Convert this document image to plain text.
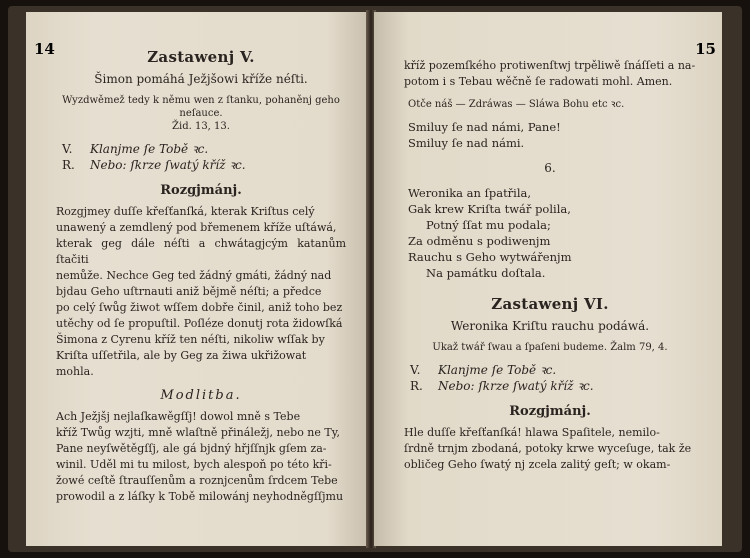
Zastawenj V.
Šimon pomáhá Ježjšowi kříže néſti.
Wyzdwěmež tedy k němu wen z ſtanku, pohaněnj geho neſauce.
Žid. 13, 13.
V.	Klanjme ſe Tobě ꝛc.
R.	Nebo: ſkrze ſwatý kříž ꝛc.
Rozgjmánj.
Rozgjmey duſſe křeſťanſká, kterak Kriſtus celý
unawený a zemdlený pod břemenem kříže uſtáwá,
kterak geg dále néſti a chwátagjcým katanům ſtačiti
nemůže. Nechce Geg ted žádný gmáti, žádný nad
bjdau Geho uſtrnauti aniž bějmě néſti; a předce
po celý ſwůg žiwot wſſem dobře činil, aniž toho bez
utěchy od ſe propuſtil. Poſléze donutj rota židowſká
Šimona z Cyrenu kříž ten néſti, nikoliw wſſak by
Kriſta uſſetřila, ale by Geg za žiwa ukřižowat
mohla.
Modlitba.
Ach Ježjšj nejlaſkawěgſſj! dowol mně s Tebe
kříž Twůg wzjti, mně wlaſtně přináležj, nebo ne Ty,
Pane neyſwětěgſſj, ale gá bjdný hřjſſnjk gſem za-
winil. Uděl mi tu milost, bych alespoň po této kři-
žowé ceſtě ſtrauſſenům a roznjcenům ſrdcem Tebe
prowodil a z láſky k Tobě milowánj neyhodněgſſjmu
14
kříž pozemſkého protiwenſtwj trpěliwě ſnáſſeti a na-
potom i s Tebau wěčně ſe radowati mohl. Amen.
Otče náš — Zdráwas — Sláwa Bohu etc ꝛc.
Smiluy ſe nad námi, Pane!
Smiluy ſe nad námi.
6.
Weronika an ſpatřila,
Gak krew Kriſta twář polila,
Potný ſſat mu podala;
Za odměnu s podiwenjm
Rauchu s Geho wytwářenjm
Na památku doſtala.
Zastawenj VI.
Weronika Kriſtu rauchu podáwá.
Ukaž twář ſwau a ſpaſeni budeme. Žalm 79, 4.
V.	Klanjme ſe Tobě ꝛc.
R.	Nebo: ſkrze ſwatý kříž ꝛc.
Rozgjmánj.
Hle duſſe křeſťanſká! hlawa Spaſitele, nemilo-
ſrdně trnjm zbodaná, potoky krwe wyceſuge, tak že
obličeg Geho ſwatý nj zcela zalitý geſt; w okam-
15
